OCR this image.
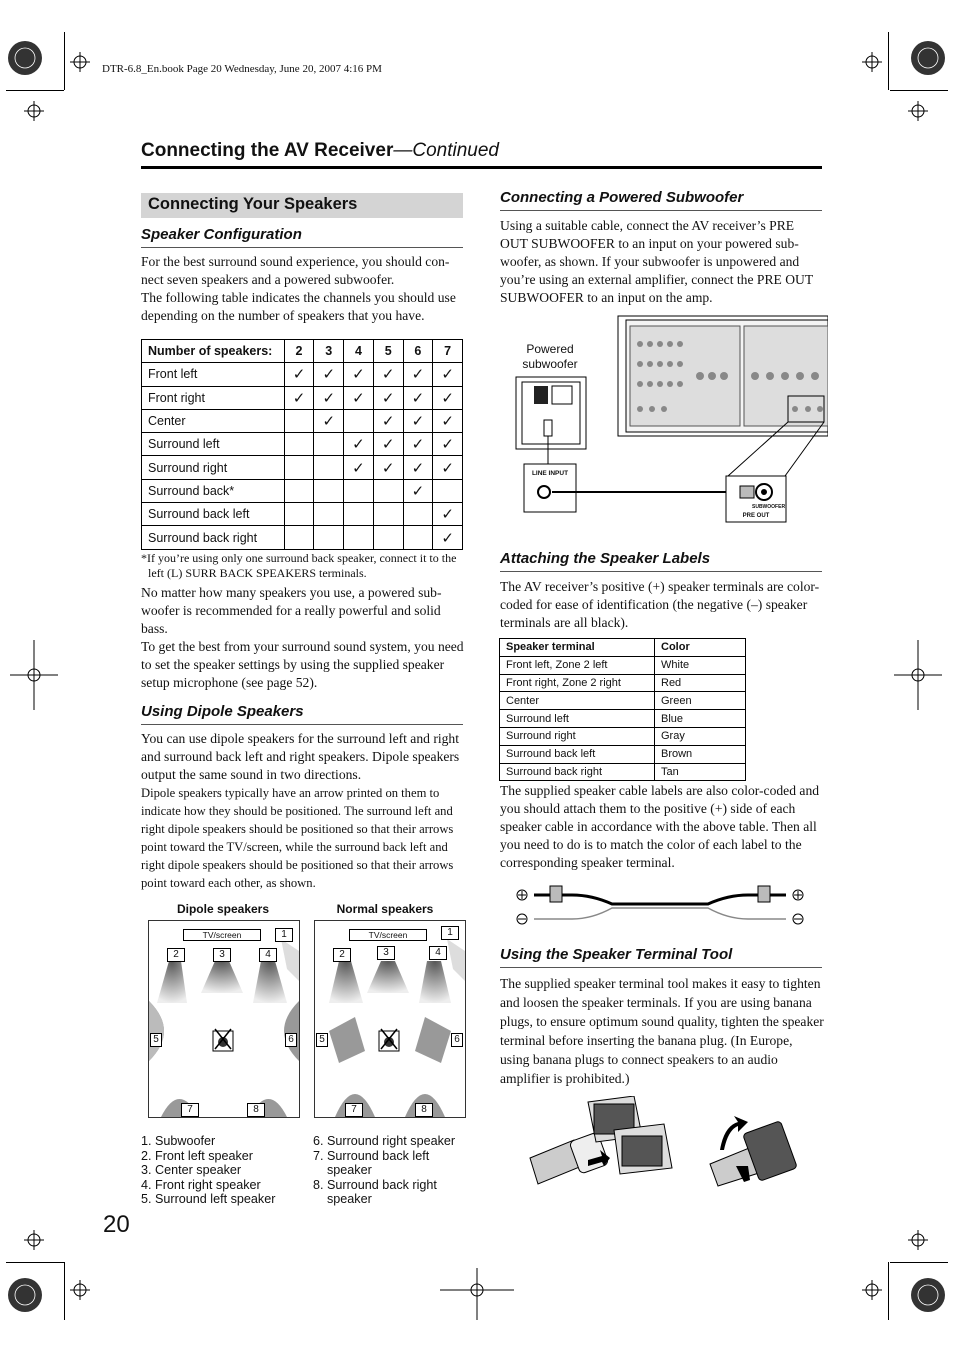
DTR-6.8_En.book Page 20 Wednesday, June 20, 2007 4:16 PM
Connecting the AV Receiver—Continued
Connecting Your Speakers
Speaker Configuration

For the best surround sound experience, you should con-nect seven speakers and a powered subwoofer.

The following table indicates the channels you should use depending on the number of speakers that you have.

Number of speakers:	2	3	4	5	6	7
Front left	✓	✓	✓	✓	✓	✓
Front right	✓	✓	✓	✓	✓	✓
Center		✓		✓	✓	✓
Surround left			✓	✓	✓	✓
Surround right			✓	✓	✓	✓
Surround back*					✓	
Surround back left						✓
Surround back right						✓
*If you’re using only one surround back speaker, connect it to the left (L) SURR BACK SPEAKERS terminals.

No matter how many speakers you use, a powered sub-woofer is recommended for a really powerful and solid bass.

To get the best from your surround sound system, you need to set the speaker settings by using the supplied speaker setup microphone (see page 52).

Using Dipole Speakers
You can use dipole speakers for the surround left and right and surround back left and right speakers. Dipole speakers output the same sound in two directions.
Dipole speakers typically have an arrow printed on them to indicate how they should be positioned. The surround left and right dipole speakers should be positioned so that their arrows point toward the TV/screen, while the surround back left and right dipole speakers should be positioned so that their arrows point toward each other, as shown.
Dipole speakers	Normal speakers
TV/screen	1
2	3	4
5	6
7	8
TV/screen	1
2	3	4
5	6
7	8
1. Subwoofer
2. Front left speaker
3. Center speaker
4. Front right speaker
5. Surround left speaker
6. Surround right speaker
7. Surround back left
speaker
8. Surround back right
speaker
20
Connecting a Powered Subwoofer
Using a suitable cable, connect the AV receiver’s PRE OUT SUBWOOFER to an input on your powered sub-woofer, as shown. If your subwoofer is unpowered and you’re using an external amplifier, connect the PRE OUT SUBWOOFER to an input on the amp.
Powered
subwoofer
LINE INPUT
SUBWOOFER
PRE OUT
Attaching the Speaker Labels
The AV receiver’s positive (+) speaker terminals are color-coded for ease of identification (the negative (–) speaker terminals are all black).
Speaker terminal	Color
Front left, Zone 2 left	White
Front right, Zone 2 right	Red
Center	Green
Surround left	Blue
Surround right	Gray
Surround back left	Brown
Surround back right	Tan
The supplied speaker cable labels are also color-coded and you should attach them to the positive (+) side of each speaker cable in accordance with the above table. Then all you need to do is to match the color of each label to the corresponding speaker terminal.
Using the Speaker Terminal Tool
The supplied speaker terminal tool makes it easy to tighten and loosen the speaker terminals. If you are using banana plugs, to ensure optimum sound quality, tighten the speaker terminal before inserting the banana plug. (In Europe, using banana plugs to connect speakers to an audio amplifier is prohibited.)
